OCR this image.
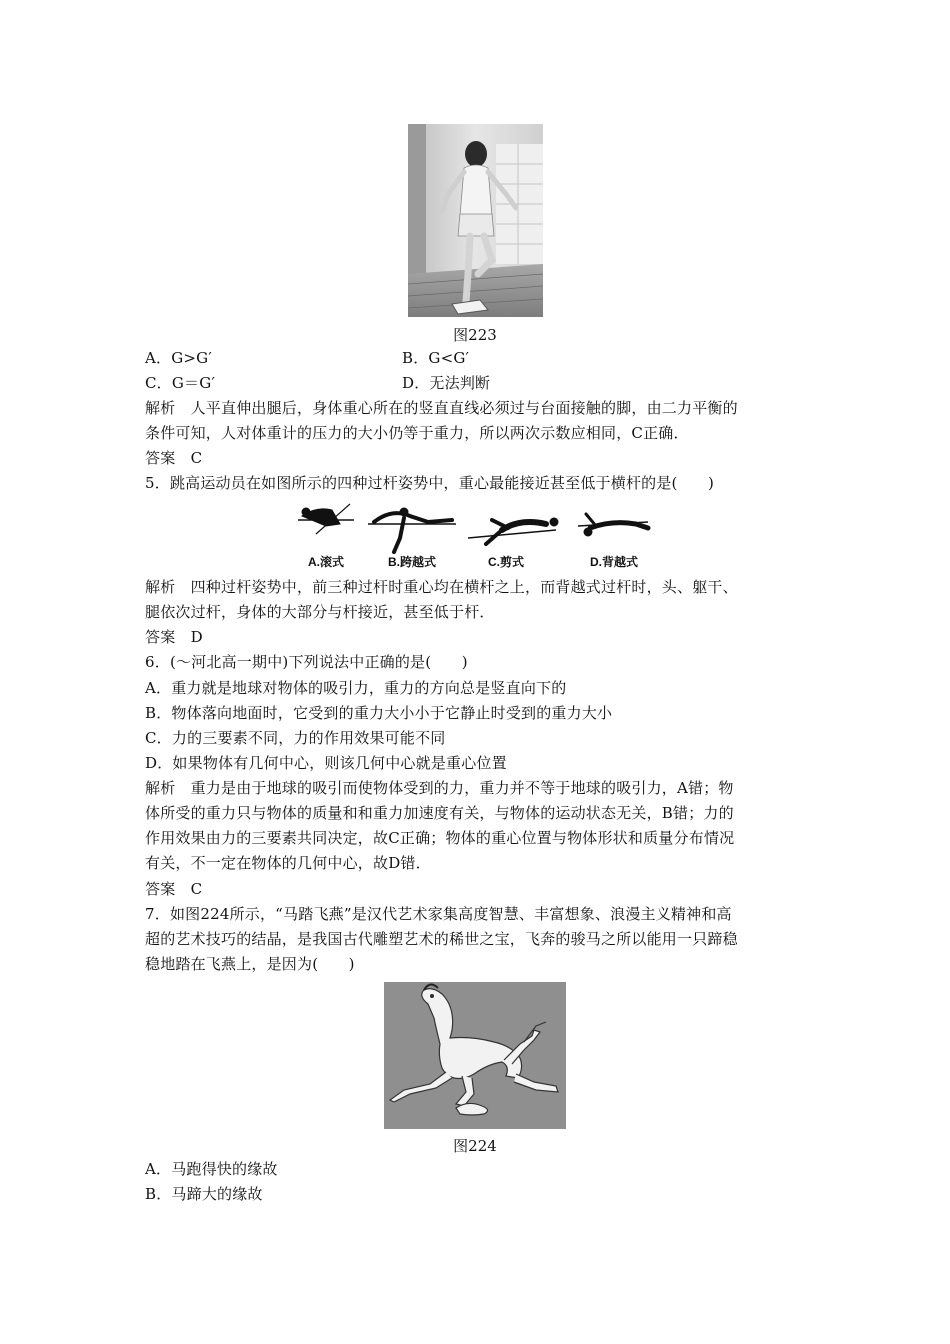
图223
A．G>G′	B．G<G′
C．G＝G′	D．无法判断
解析　人平直伸出腿后，身体重心所在的竖直直线必须过与台面接触的脚，由二力平衡的
条件可知，人对体重计的压力的大小仍等于重力，所以两次示数应相同，C正确．
答案　C
5．跳高运动员在如图所示的四种过杆姿势中，重心最能接近甚至低于横杆的是(　　)
A.滚式	B.跨越式	C.剪式	D.背越式
解析　四种过杆姿势中，前三种过杆时重心均在横杆之上，而背越式过杆时，头、躯干、
腿依次过杆，身体的大部分与杆接近，甚至低于杆．
答案　D
6．(～河北高一期中)下列说法中正确的是(　　)
A．重力就是地球对物体的吸引力，重力的方向总是竖直向下的
B．物体落向地面时，它受到的重力大小小于它静止时受到的重力大小
C．力的三要素不同，力的作用效果可能不同
D．如果物体有几何中心，则该几何中心就是重心位置
解析　重力是由于地球的吸引而使物体受到的力，重力并不等于地球的吸引力，A错；物
体所受的重力只与物体的质量和和重力加速度有关，与物体的运动状态无关，B错；力的
作用效果由力的三要素共同决定，故C正确；物体的重心位置与物体形状和质量分布情况
有关，不一定在物体的几何中心，故D错．
答案　C
7．如图224所示，“马踏飞燕”是汉代艺术家集高度智慧、丰富想象、浪漫主义精神和高
超的艺术技巧的结晶，是我国古代雕塑艺术的稀世之宝，飞奔的骏马之所以能用一只蹄稳
稳地踏在飞燕上，是因为(　　)
图224
A．马跑得快的缘故
B．马蹄大的缘故
